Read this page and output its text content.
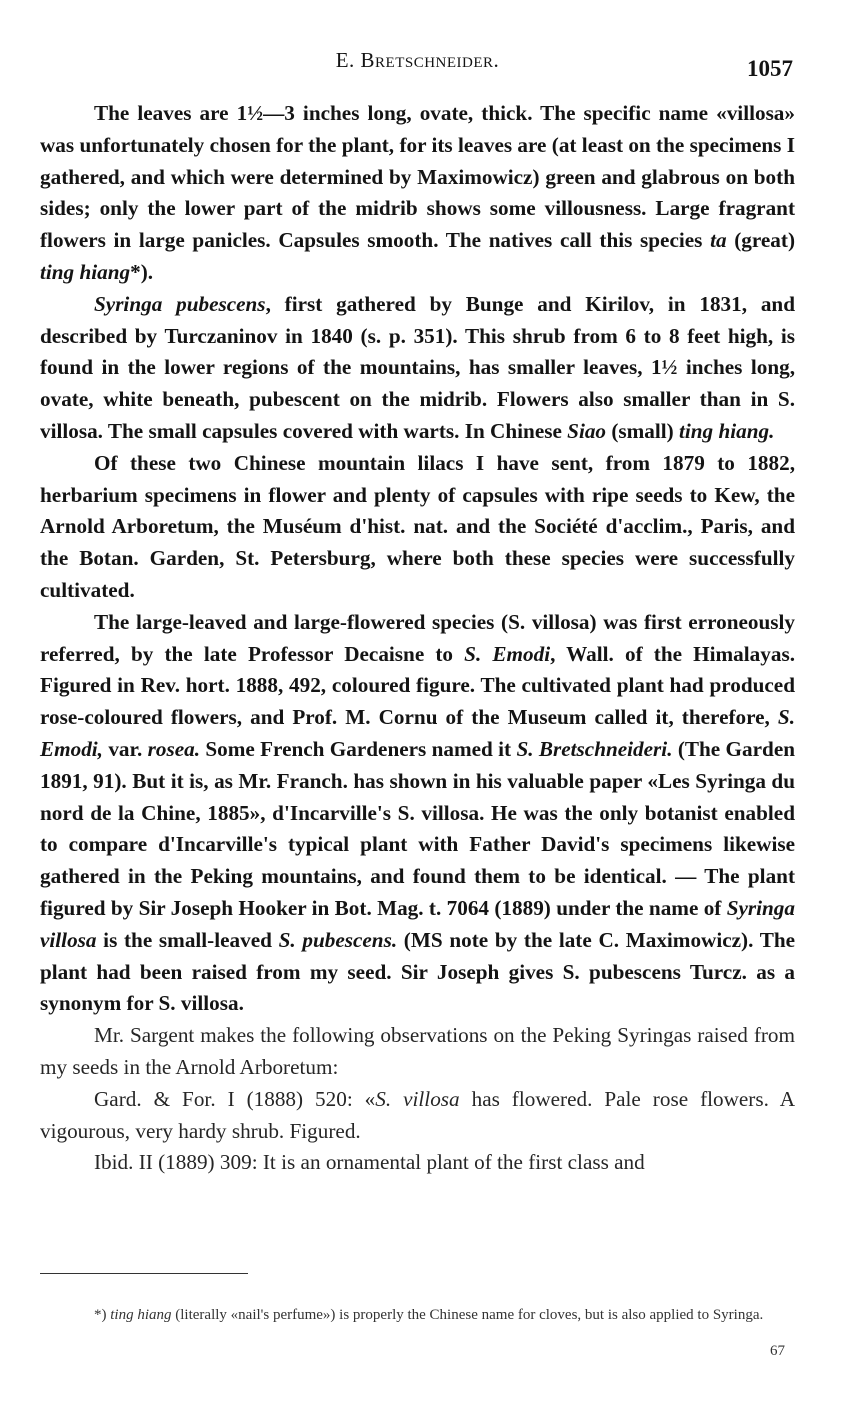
E. Bretschneider.	1057

The leaves are 1½—3 inches long, ovate, thick. The specific name «villosa» was unfortunately chosen for the plant, for its leaves are (at least on the specimens I gathered, and which were determined by Maximowicz) green and glabrous on both sides; only the lower part of the midrib shows some villousness. Large fragrant flowers in large panicles. Capsules smooth. The natives call this species ta (great) ting hiang*).

Syringa pubescens, first gathered by Bunge and Kirilov, in 1831, and described by Turczaninov in 1840 (s. p. 351). This shrub from 6 to 8 feet high, is found in the lower regions of the mountains, has smaller leaves, 1½ inches long, ovate, white beneath, pubescent on the midrib. Flowers also smaller than in S. villosa. The small capsules covered with warts. In Chinese Siao (small) ting hiang.

Of these two Chinese mountain lilacs I have sent, from 1879 to 1882, herbarium specimens in flower and plenty of capsules with ripe seeds to Kew, the Arnold Arboretum, the Muséum d'hist. nat. and the Société d'acclim., Paris, and the Botan. Garden, St. Petersburg, where both these species were successfully cultivated.

The large-leaved and large-flowered species (S. villosa) was first erroneously referred, by the late Professor Decaisne to S. Emodi, Wall. of the Himalayas. Figured in Rev. hort. 1888, 492, coloured figure. The cultivated plant had produced rose-coloured flowers, and Prof. M. Cornu of the Museum called it, therefore, S. Emodi, var. rosea. Some French Gardeners named it S. Bretschneideri. (The Garden 1891, 91). But it is, as Mr. Franch. has shown in his valuable paper «Les Syringa du nord de la Chine, 1885», d'Incarville's S. villosa. He was the only botanist enabled to compare d'Incarville's typical plant with Father David's specimens likewise gathered in the Peking mountains, and found them to be identical. — The plant figured by Sir Joseph Hooker in Bot. Mag. t. 7064 (1889) under the name of Syringa villosa is the small-leaved S. pubescens. (MS note by the late C. Maximowicz). The plant had been raised from my seed. Sir Joseph gives S. pubescens Turcz. as a synonym for S. villosa.

Mr. Sargent makes the following observations on the Peking Syringas raised from my seeds in the Arnold Arboretum:

Gard. & For. I (1888) 520: «S. villosa has flowered. Pale rose flowers. A vigourous, very hardy shrub. Figured.

Ibid. II (1889) 309: It is an ornamental plant of the first class and

*) ting hiang (literally «nail's perfume») is properly the Chinese name for cloves, but is also applied to Syringa.

67
